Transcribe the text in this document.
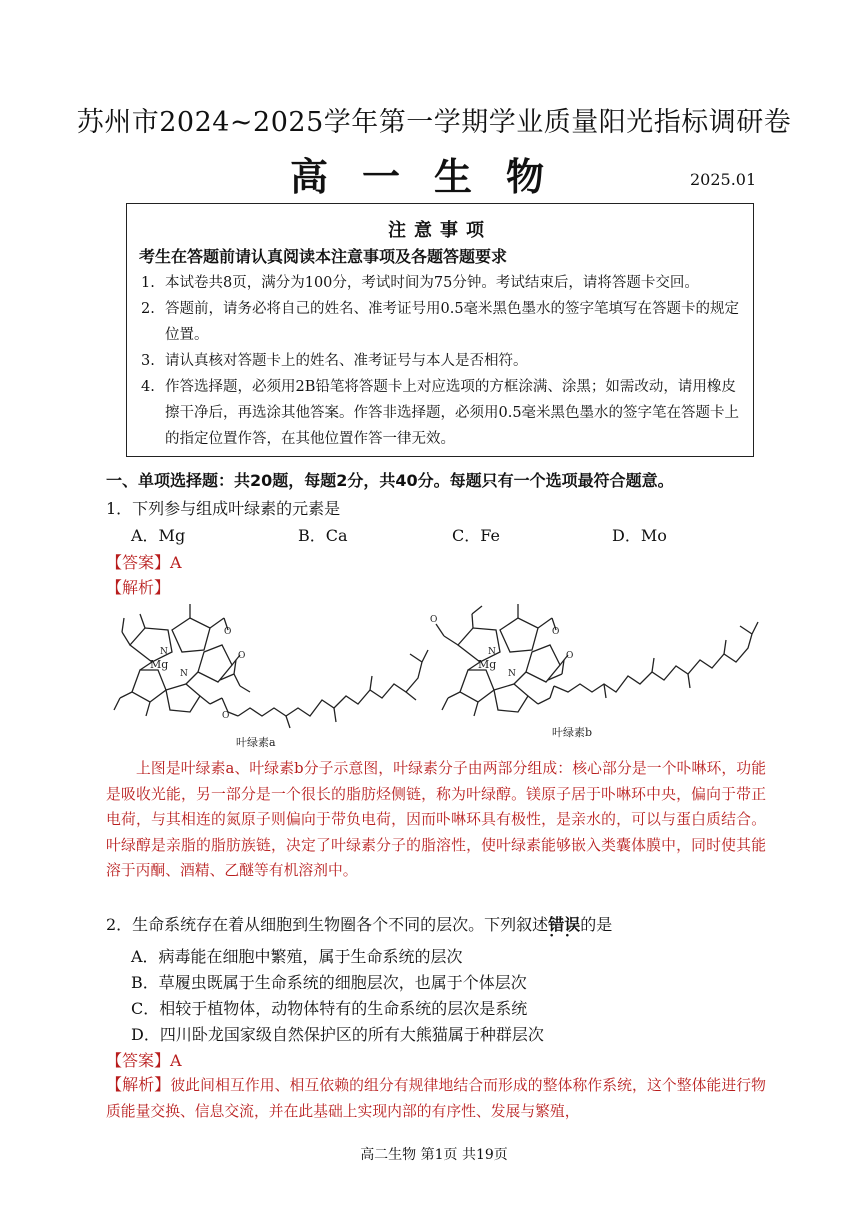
苏州市2024~2025学年第一学期学业质量阳光指标调研卷
高一生物	2025.01
注意事项
考生在答题前请认真阅读本注意事项及各题答题要求
1. 本试卷共8页，满分为100分，考试时间为75分钟。考试结束后，请将答题卡交回。
2. 答题前，请务必将自己的姓名、准考证号用0.5毫米黑色墨水的签字笔填写在答题卡的规定位置。
3. 请认真核对答题卡上的姓名、准考证号与本人是否相符。
4. 作答选择题，必须用2B铅笔将答题卡上对应选项的方框涂满、涂黑；如需改动，请用橡皮擦干净后，再选涂其他答案。作答非选择题，必须用0.5毫米黑色墨水的签字笔在答题卡上的指定位置作答，在其他位置作答一律无效。
一、单项选择题：共20题，每题2分，共40分。每题只有一个选项最符合题意。
1．下列参与组成叶绿素的元素是
A．Mg	B．Ca	C．Fe	D．Mo
【答案】A
【解析】
Mg
N
N
O
O
O
叶绿素a
Mg
N
N
O
O
O
叶绿素b
上图是叶绿素a、叶绿素b分子示意图，叶绿素分子由两部分组成：核心部分是一个卟啉环，功能是吸收光能，另一部分是一个很长的脂肪烃侧链，称为叶绿醇。镁原子居于卟啉环中央，偏向于带正电荷，与其相连的氮原子则偏向于带负电荷，因而卟啉环具有极性，是亲水的，可以与蛋白质结合。叶绿醇是亲脂的脂肪族链，决定了叶绿素分子的脂溶性，使叶绿素能够嵌入类囊体膜中，同时使其能溶于丙酮、酒精、乙醚等有机溶剂中。
2．生命系统存在着从细胞到生物圈各个不同的层次。下列叙述错误 · ·的是
A．病毒能在细胞中繁殖，属于生命系统的层次
B．草履虫既属于生命系统的细胞层次，也属于个体层次
C．相较于植物体，动物体特有的生命系统的层次是系统
D．四川卧龙国家级自然保护区的所有大熊猫属于种群层次
【答案】A
【解析】彼此间相互作用、相互依赖的组分有规律地结合而形成的整体称作系统，这个整体能进行物质能量交换、信息交流，并在此基础上实现内部的有序性、发展与繁殖，
高二生物 第1页 共19页
